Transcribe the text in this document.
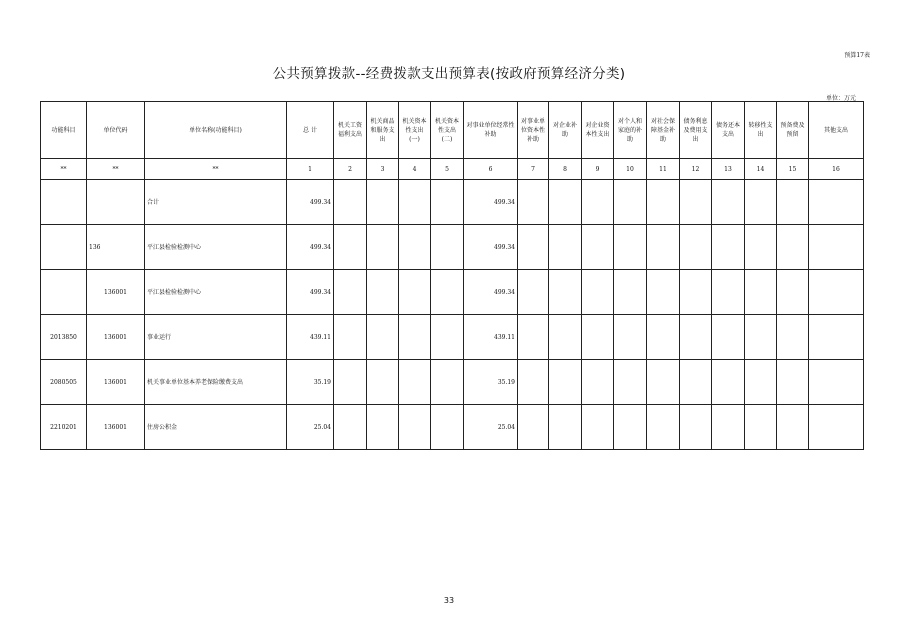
预算17表
公共预算拨款--经费拨款支出预算表(按政府预算经济分类)
单位：万元
功能科目	单位代码	单位名称(功能科目)	总 计	机关工资福利支出	机关商品和服务支出	机关资本性支出(一)	机关资本性支出(二)	对事业单位经常性补助	对事业单位资本性补助	对企业补助	对企业资本性支出	对个人和家庭的补助	对社会保障基金补助	债务利息及费用支出	债务还本支出	转移性支出	预备费及预留	其他支出
**	**	**	1	2	3	4	5	6	7	8	9	10	11	12	13	14	15	16
		合计	499.34					499.34										
	136	平江县检验检测中心	499.34					499.34										
	136001	平江县检验检测中心	499.34					499.34										
2013850	136001	事业运行	439.11					439.11										
2080505	136001	机关事业单位基本养老保险缴费支出	35.19					35.19										
2210201	136001	住房公积金	25.04					25.04										
33
